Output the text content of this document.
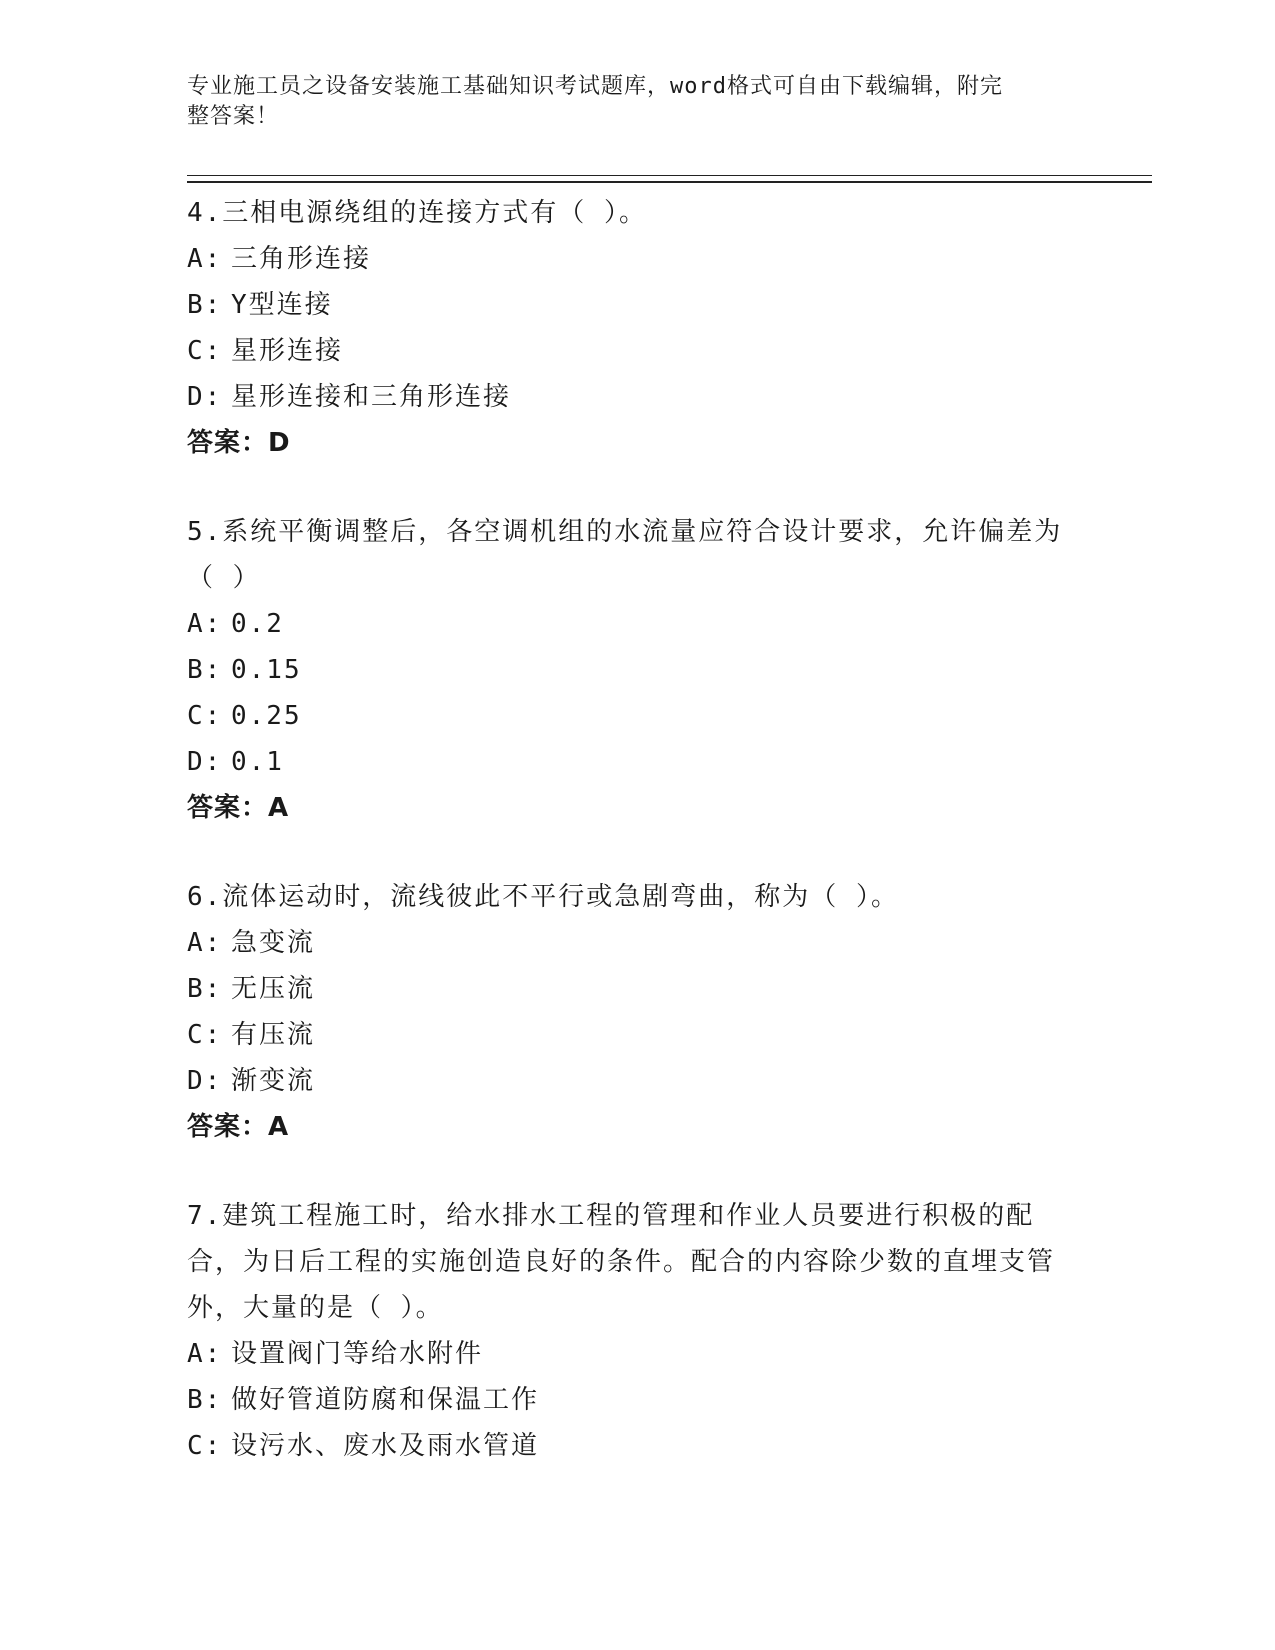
专业施工员之设备安装施工基础知识考试题库，word格式可自由下载编辑，附完
整答案！

4.三相电源绕组的连接方式有（ ）。

A: 三角形连接

B: Y型连接

C: 星形连接

D: 星形连接和三角形连接

答案：D

5.系统平衡调整后，各空调机组的水流量应符合设计要求，允许偏差为（ ）

A: 0.2

B: 0.15

C: 0.25

D: 0.1

答案：A

6.流体运动时，流线彼此不平行或急剧弯曲，称为（ ）。

A: 急变流

B: 无压流

C: 有压流

D: 渐变流

答案：A

7.建筑工程施工时，给水排水工程的管理和作业人员要进行积极的配合，为日后工程的实施创造良好的条件。配合的内容除少数的直埋支管外，大量的是（ ）。

A: 设置阀门等给水附件

B: 做好管道防腐和保温工作

C: 设污水、废水及雨水管道
